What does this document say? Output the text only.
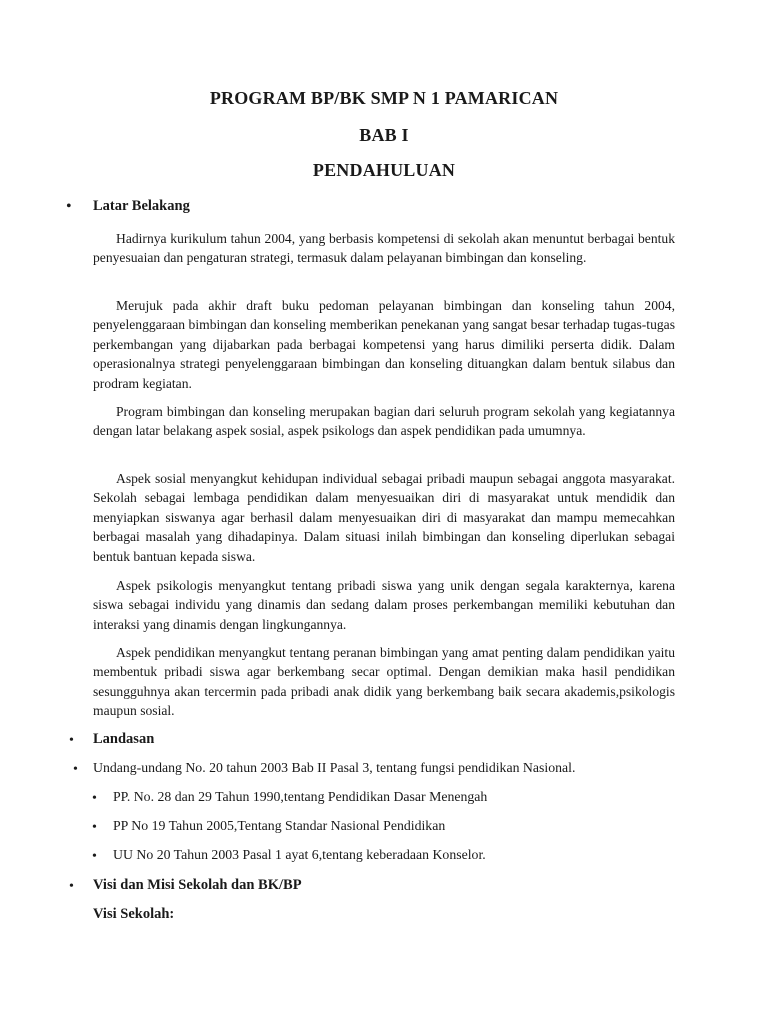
PROGRAM BP/BK SMP N 1 PAMARICAN
BAB I
PENDAHULUAN
• Latar Belakang

Hadirnya kurikulum tahun 2004, yang berbasis kompetensi di sekolah akan menuntut berbagai bentuk penyesuaian dan pengaturan strategi, termasuk dalam pelayanan bimbingan dan konseling.

Merujuk pada akhir draft buku pedoman pelayanan bimbingan dan konseling tahun 2004, penyelenggaraan bimbingan dan konseling memberikan penekanan yang sangat besar terhadap tugas-tugas perkembangan yang dijabarkan pada berbagai kompetensi yang harus dimiliki perserta didik. Dalam operasionalnya strategi penyelenggaraan bimbingan dan konseling dituangkan dalam bentuk silabus dan prodram kegiatan.

Program bimbingan dan konseling merupakan bagian dari seluruh program sekolah yang kegiatannya dengan latar belakang aspek sosial, aspek psikologs dan aspek pendidikan pada umumnya.

Aspek sosial menyangkut kehidupan individual sebagai pribadi maupun sebagai anggota masyarakat. Sekolah sebagai lembaga pendidikan dalam menyesuaikan diri di masyarakat untuk mendidik dan menyiapkan siswanya agar berhasil dalam menyesuaikan diri di masyarakat dan mampu memecahkan berbagai masalah yang dihadapinya. Dalam situasi inilah bimbingan dan konseling diperlukan sebagai bentuk bantuan kepada siswa.

Aspek psikologis menyangkut tentang pribadi siswa yang unik dengan segala karakternya, karena siswa sebagai individu yang dinamis dan sedang dalam proses perkembangan memiliki kebutuhan dan interaksi yang dinamis dengan lingkungannya.

Aspek pendidikan menyangkut tentang peranan bimbingan yang amat penting dalam pendidikan yaitu membentuk pribadi siswa agar berkembang secar optimal. Dengan demikian maka hasil pendidikan sesungguhnya akan tercermin pada pribadi anak didik yang berkembang baik secara akademis,psikologis maupun sosial.

• Landasan
• Undang-undang No. 20 tahun 2003 Bab II Pasal 3, tentang fungsi pendidikan Nasional.
• PP. No. 28 dan 29 Tahun 1990,tentang Pendidikan Dasar Menengah
• PP No 19 Tahun 2005,Tentang Standar Nasional Pendidikan
• UU No 20 Tahun 2003 Pasal 1 ayat 6,tentang keberadaan Konselor.
• Visi dan Misi Sekolah dan BK/BP
Visi Sekolah:
